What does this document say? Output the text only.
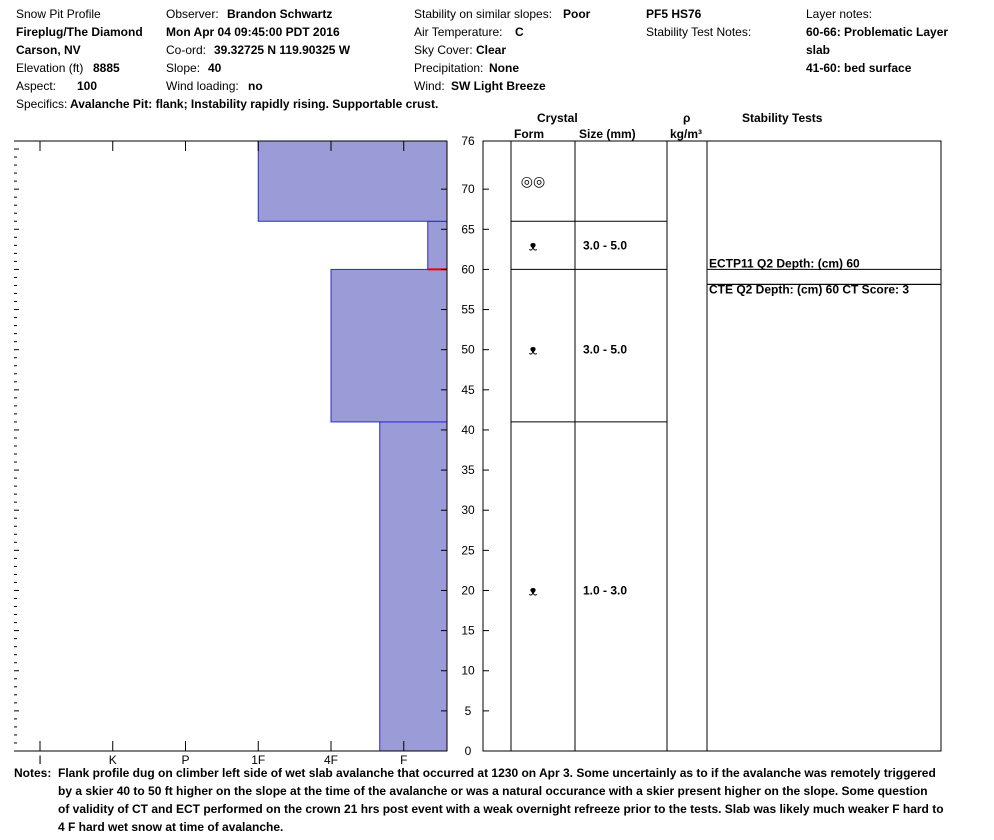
Snow Pit Profile
Fireplug/The Diamond
Carson, NV
Elevation (ft) 8885
Aspect: 100
Observer: Brandon Schwartz
Mon Apr 04 09:45:00 PDT 2016
Co-ord: 39.32725 N 119.90325 W
Slope: 40
Wind loading: no
Stability on similar slopes: Poor
Air Temperature: C
Sky Cover: Clear
Precipitation: None
Wind: SW Light Breeze
PF5 HS76
Stability Test Notes:
Layer notes:
60-66: Problematic Layer
slab
41-60: bed surface
Specifics: Avalanche Pit: flank; Instability rapidly rising. Supportable crust.
Crystal
Form	Size (mm)
ρ
kg/m³
Stability Tests
I	K	P	1F	4F	F
0
5
10
15
20
25
30
35
40
45
50
55
60
65
70
76
◎◎
ᴥ	3.0 - 5.0
ᴥ	3.0 - 5.0
ᴥ	1.0 - 3.0
ECTP11 Q2 Depth: (cm) 60
CTE Q2 Depth: (cm) 60 CT Score: 3
Notes: Flank profile dug on climber left side of wet slab avalanche that occurred at 1230 on Apr 3. Some uncertainly as to if the avalanche was remotely triggered
by a skier 40 to 50 ft higher on the slope at the time of the avalanche or was a natural occurance with a skier present higher on the slope. Some question
of validity of CT and ECT performed on the crown 21 hrs post event with a weak overnight refreeze prior to the tests. Slab was likely much weaker F hard to
4 F hard wet snow at time of avalanche.
